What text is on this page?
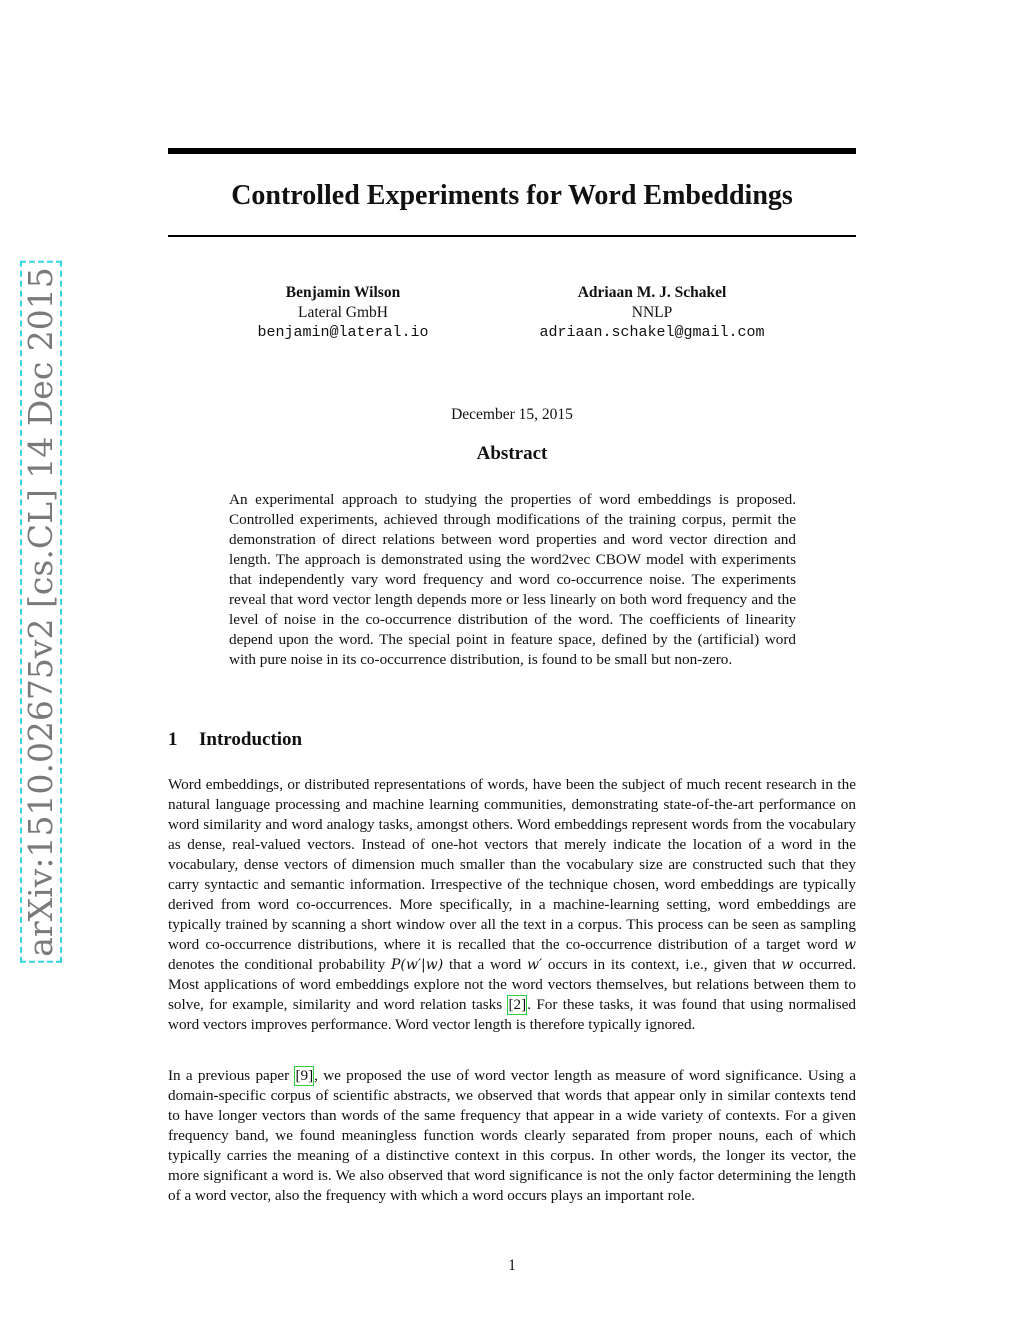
arXiv:1510.02675v2 [cs.CL] 14 Dec 2015
Controlled Experiments for Word Embeddings
Benjamin Wilson
Lateral GmbH
benjamin@lateral.io
Adriaan M. J. Schakel
NNLP
adriaan.schakel@gmail.com
December 15, 2015
Abstract
An experimental approach to studying the properties of word embeddings is proposed. Controlled experiments, achieved through modifications of the training corpus, permit the demonstration of direct relations between word properties and word vector direction and length. The approach is demonstrated using the word2vec CBOW model with experiments that independently vary word frequency and word co-occurrence noise. The experiments reveal that word vector length depends more or less linearly on both word frequency and the level of noise in the co-occurrence distribution of the word. The coefficients of linearity depend upon the word. The special point in feature space, defined by the (artificial) word with pure noise in its co-occurrence distribution, is found to be small but non-zero.
1 Introduction

Word embeddings, or distributed representations of words, have been the subject of much recent research in the natural language processing and machine learning communities, demonstrating state-of-the-art performance on word similarity and word analogy tasks, amongst others. Word embeddings represent words from the vocabulary as dense, real-valued vectors. Instead of one-hot vectors that merely indicate the location of a word in the vocabulary, dense vectors of dimension much smaller than the vocabulary size are constructed such that they carry syntactic and semantic information. Irrespective of the technique chosen, word embeddings are typically derived from word co-occurrences. More specifically, in a machine-learning setting, word embeddings are typically trained by scanning a short window over all the text in a corpus. This process can be seen as sampling word co-occurrence distributions, where it is recalled that the co-occurrence distribution of a target word w denotes the conditional probability P(w′|w) that a word w′ occurs in its context, i.e., given that w occurred. Most applications of word embeddings explore not the word vectors themselves, but relations between them to solve, for example, similarity and word relation tasks [2]. For these tasks, it was found that using normalised word vectors improves performance. Word vector length is therefore typically ignored.

In a previous paper [9], we proposed the use of word vector length as measure of word significance. Using a domain-specific corpus of scientific abstracts, we observed that words that appear only in similar contexts tend to have longer vectors than words of the same frequency that appear in a wide variety of contexts. For a given frequency band, we found meaningless function words clearly separated from proper nouns, each of which typically carries the meaning of a distinctive context in this corpus. In other words, the longer its vector, the more significant a word is. We also observed that word significance is not the only factor determining the length of a word vector, also the frequency with which a word occurs plays an important role.

1
